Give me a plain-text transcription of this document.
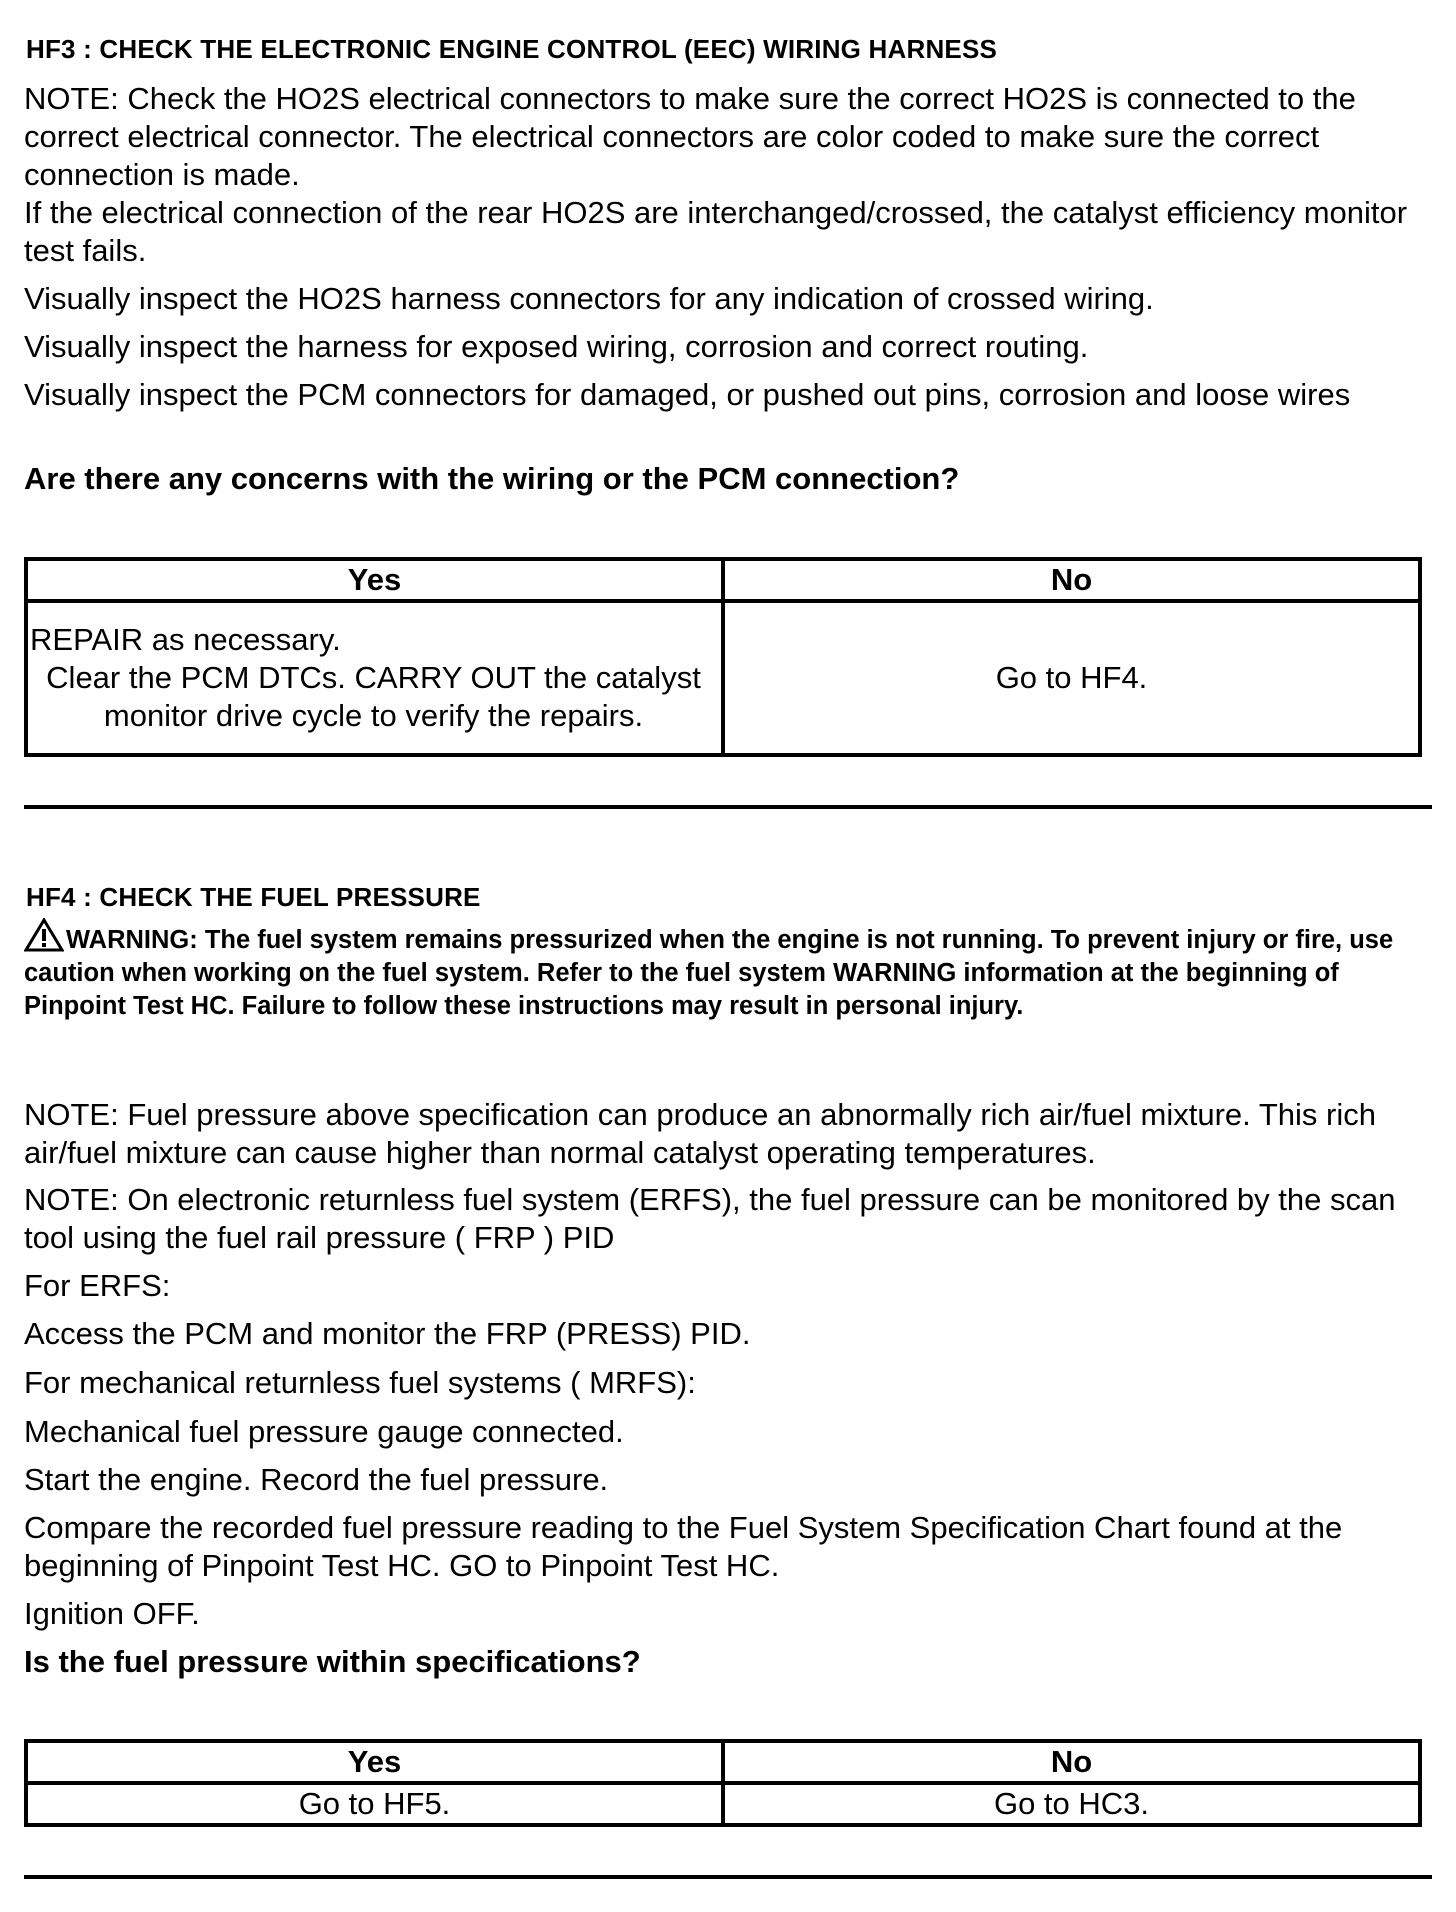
HF3 : CHECK THE ELECTRONIC ENGINE CONTROL (EEC) WIRING HARNESS

NOTE: Check the HO2S electrical connectors to make sure the correct HO2S is connected to the correct electrical connector. The electrical connectors are color coded to make sure the correct connection is made.

If the electrical connection of the rear HO2S are interchanged/crossed, the catalyst efficiency monitor test fails.

Visually inspect the HO2S harness connectors for any indication of crossed wiring.

Visually inspect the harness for exposed wiring, corrosion and correct routing.

Visually inspect the PCM connectors for damaged, or pushed out pins, corrosion and loose wires

Are there any concerns with the wiring or the PCM connection?

Yes	No

REPAIR as necessary.
Clear the PCM DTCs. CARRY OUT the catalyst monitor drive cycle to verify the repairs.	Go to HF4.
HF4 : CHECK THE FUEL PRESSURE

WARNING: The fuel system remains pressurized when the engine is not running. To prevent injury or fire, use caution when working on the fuel system. Refer to the fuel system WARNING information at the beginning of Pinpoint Test HC. Failure to follow these instructions may result in personal injury.

NOTE: Fuel pressure above specification can produce an abnormally rich air/fuel mixture. This rich air/fuel mixture can cause higher than normal catalyst operating temperatures.

NOTE: On electronic returnless fuel system (ERFS), the fuel pressure can be monitored by the scan tool using the fuel rail pressure ( FRP ) PID

For ERFS:

Access the PCM and monitor the FRP (PRESS) PID.

For mechanical returnless fuel systems ( MRFS):

Mechanical fuel pressure gauge connected.

Start the engine. Record the fuel pressure.

Compare the recorded fuel pressure reading to the Fuel System Specification Chart found at the beginning of Pinpoint Test HC. GO to Pinpoint Test HC.

Ignition OFF.

Is the fuel pressure within specifications?

Yes	No
Go to HF5.	Go to HC3.
